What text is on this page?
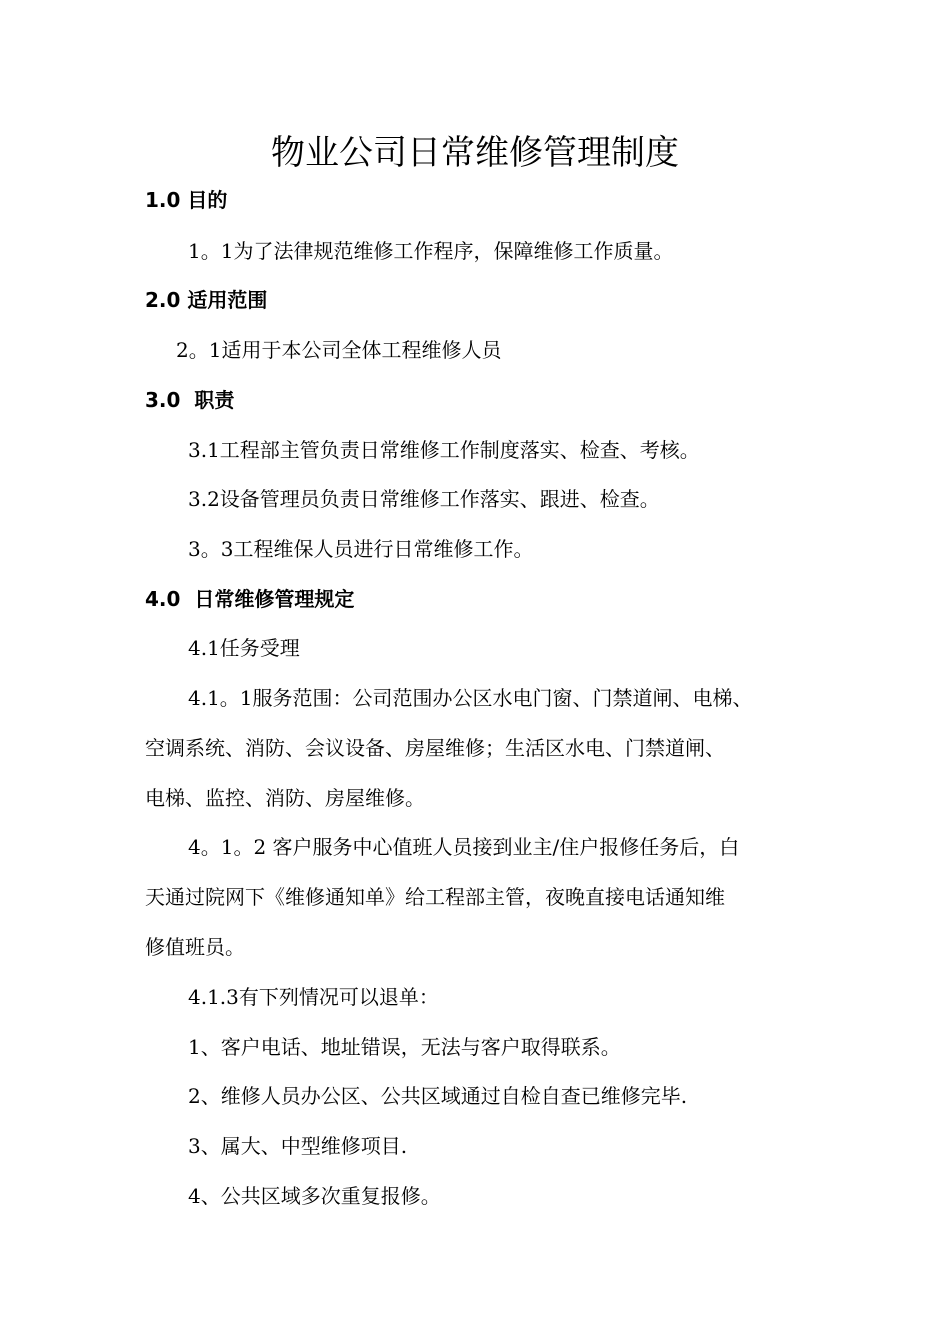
物业公司日常维修管理制度
1.0 目的
1。1为了法律规范维修工作程序，保障维修工作质量。
2.0 适用范围
2。1适用于本公司全体工程维修人员
3.0  职责
3.1工程部主管负责日常维修工作制度落实、检查、考核。
3.2设备管理员负责日常维修工作落实、跟进、检查。
3。3工程维保人员进行日常维修工作。
4.0  日常维修管理规定
4.1任务受理
4.1。1服务范围：公司范围办公区水电门窗、门禁道闸、电梯、
空调系统、消防、会议设备、房屋维修；生活区水电、门禁道闸、
电梯、监控、消防、房屋维修。
4。1。2 客户服务中心值班人员接到业主/住户报修任务后，白
天通过院网下《维修通知单》给工程部主管，夜晚直接电话通知维
修值班员。
4.1.3有下列情况可以退单：
1、客户电话、地址错误，无法与客户取得联系。
2、维修人员办公区、公共区域通过自检自查已维修完毕.
3、属大、中型维修项目.
4、公共区域多次重复报修。
